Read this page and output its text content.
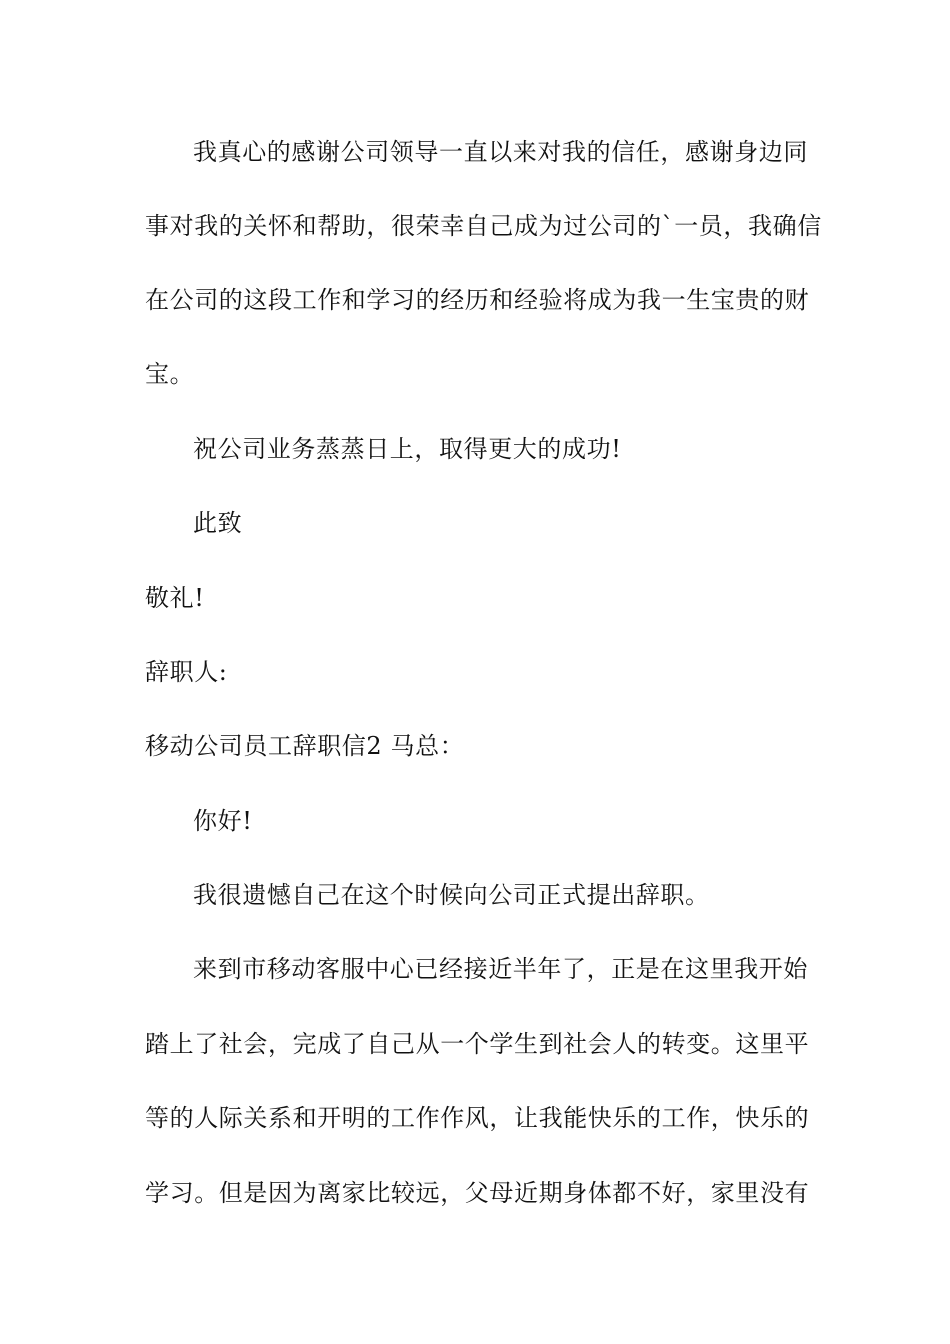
我真心的感谢公司领导一直以来对我的信任，感谢身边同
事对我的关怀和帮助，很荣幸自己成为过公司的`一员，我确信
在公司的这段工作和学习的经历和经验将成为我一生宝贵的财
宝。
祝公司业务蒸蒸日上，取得更大的成功!
此致
敬礼!
辞职人:
移动公司员工辞职信2 马总：
你好!
我很遗憾自己在这个时候向公司正式提出辞职。
来到市移动客服中心已经接近半年了，正是在这里我开始
踏上了社会，完成了自己从一个学生到社会人的转变。这里平
等的人际关系和开明的工作作风，让我能快乐的工作，快乐的
学习。但是因为离家比较远，父母近期身体都不好，家里没有
